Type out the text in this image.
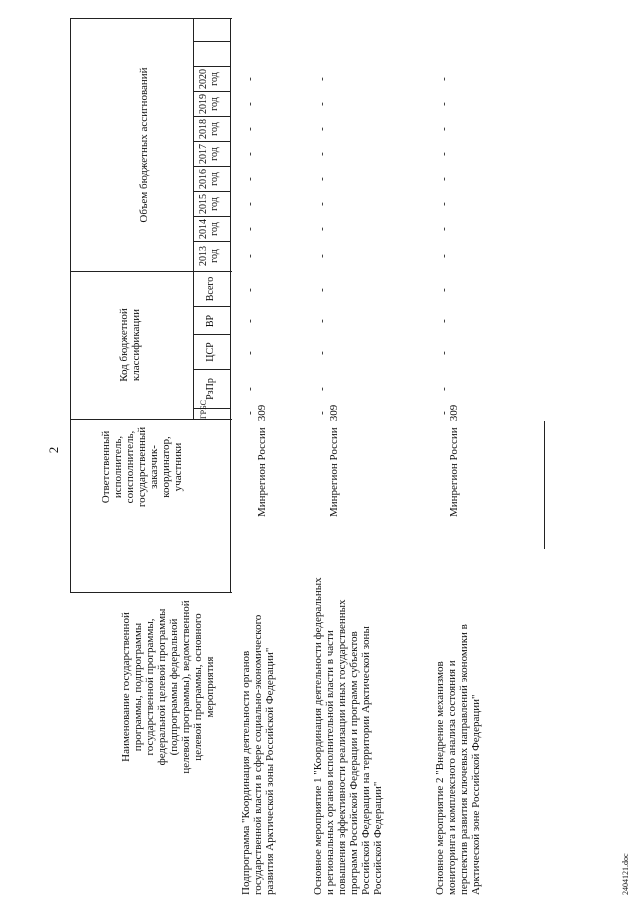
2
Наименование государственной программы, подпрограммы государственной программы, федеральной целевой программы (подпрограммы федеральной целевой программы), ведомственной целевой программы, основного мероприятия
Ответственный исполнитель, соисполнитель, государственный заказчик-координатор, участники
Код бюджетной классификации
Объем бюджетных ассигнований
ГРБС
РзПр
ЦСР
ВР
Всего
2013 год
2014 год
2015 год
2016 год
2017 год
2018 год
2019 год
2020 год
Подпрограмма "Координация деятельности органов государственной власти в сфере социально-экономического развития Арктической зоны Российской Федерации"
Минрегион России
309
Основное мероприятие 1 "Координация деятельности федеральных и региональных органов исполнительной власти в части повышения эффективности реализации иных государственных программ Российской Федерации и программ субъектов Российской Федерации на территории Арктической зоны Российской Федерации"
Минрегион России
309
Основное мероприятие 2 "Внедрение механизмов мониторинга и комплексного анализа состояния и перспектив развития ключевых направлений экономики в Арктической зоне Российской Федерации"
Минрегион России
309
-
-
-
-
-
-
-
-
-
-
-
-
-
-
-
-
-
-
-
-
-
-
-
-
-
-
-
-
-
-
-
-
-
-
-
-
-
-
-
2404121.doc
